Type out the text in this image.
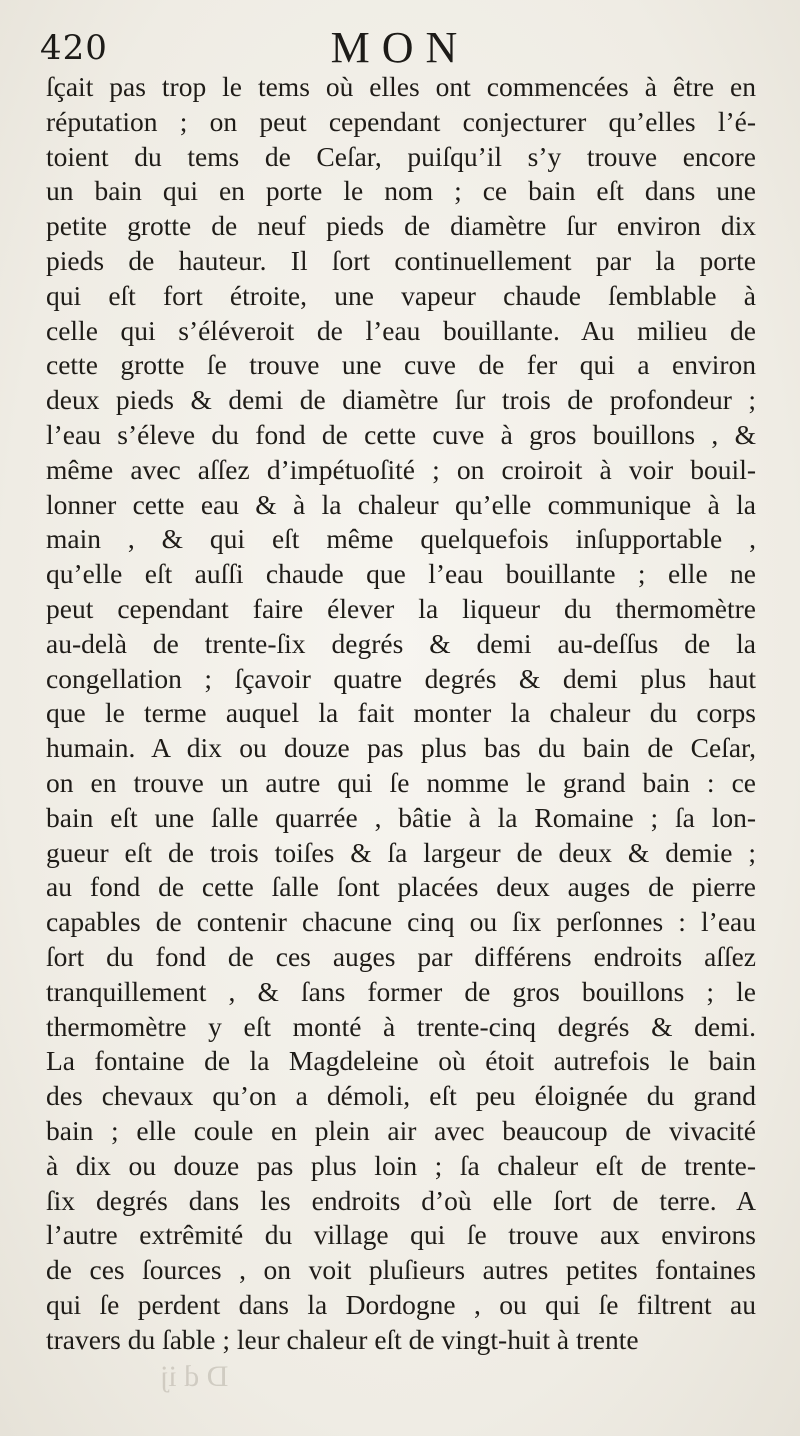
420	MON
ſçait pas trop le tems où elles ont commencées à être en
réputation ; on peut cependant conjecturer qu’elles l’é-
toient du tems de Ceſar, puiſqu’il s’y trouve encore
un bain qui en porte le nom ; ce bain eſt dans une
petite grotte de neuf pieds de diamètre ſur environ dix
pieds de hauteur. Il ſort continuellement par la porte
qui eſt fort étroite, une vapeur chaude ſemblable à
celle qui s’éléveroit de l’eau bouillante. Au milieu de
cette grotte ſe trouve une cuve de fer qui a environ
deux pieds & demi de diamètre ſur trois de profondeur ;
l’eau s’éleve du fond de cette cuve à gros bouillons , &
même avec aſſez d’impétuoſité ; on croiroit à voir bouil-
lonner cette eau & à la chaleur qu’elle communique à la
main , & qui eſt même quelquefois inſupportable ,
qu’elle eſt auſſi chaude que l’eau bouillante ; elle ne
peut cependant faire élever la liqueur du thermomètre
au-delà de trente-ſix degrés & demi au-deſſus de la
congellation ; ſçavoir quatre degrés & demi plus haut
que le terme auquel la fait monter la chaleur du corps
humain. A dix ou douze pas plus bas du bain de Ceſar,
on en trouve un autre qui ſe nomme le grand bain : ce
bain eſt une ſalle quarrée , bâtie à la Romaine ; ſa lon-
gueur eſt de trois toiſes & ſa largeur de deux & demie ;
au fond de cette ſalle ſont placées deux auges de pierre
capables de contenir chacune cinq ou ſix perſonnes : l’eau
ſort du fond de ces auges par différens endroits aſſez
tranquillement , & ſans former de gros bouillons ; le
thermomètre y eſt monté à trente-cinq degrés & demi.
La fontaine de la Magdeleine où étoit autrefois le bain
des chevaux qu’on a démoli, eſt peu éloignée du grand
bain ; elle coule en plein air avec beaucoup de vivacité
à dix ou douze pas plus loin ; ſa chaleur eſt de trente-
ſix degrés dans les endroits d’où elle ſort de terre. A
l’autre extrêmité du village qui ſe trouve aux environs
de ces ſources , on voit pluſieurs autres petites fontaines
qui ſe perdent dans la Dordogne , ou qui ſe filtrent au
travers du ſable ; leur chaleur eſt de vingt-huit à trente
D d ij
